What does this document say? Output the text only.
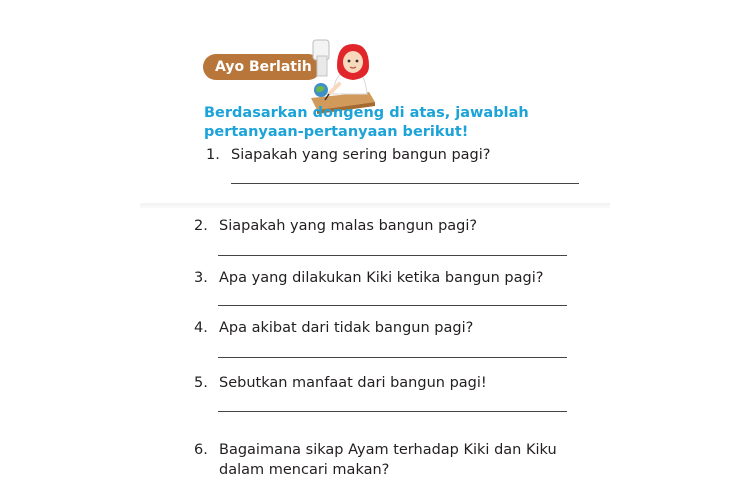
Ayo Berlatih

Berdasarkan dongeng di atas, jawablah
pertanyaan-pertanyaan berikut!

1. Siapakah yang sering bangun pagi?

2. Siapakah yang malas bangun pagi?

3. Apa yang dilakukan Kiki ketika bangun pagi?

4. Apa akibat dari tidak bangun pagi?

5. Sebutkan manfaat dari bangun pagi!

6. Bagaimana sikap Ayam terhadap Kiki dan Kiku
dalam mencari makan?
